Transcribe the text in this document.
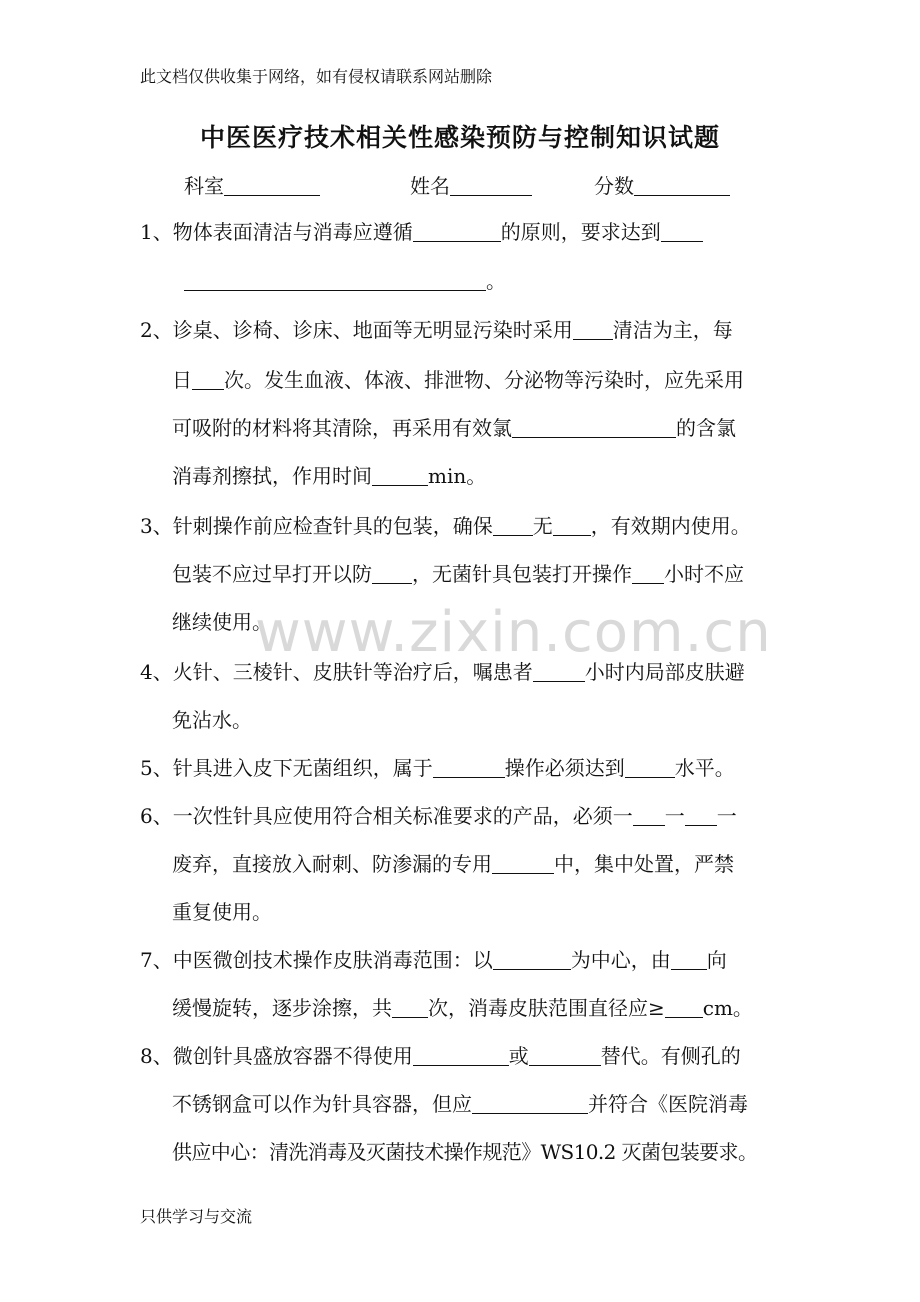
此文档仅供收集于网络，如有侵权请联系网站删除
中医医疗技术相关性感染预防与控制知识试题
科室	姓名	分数
www.zixin.com.cn
1、物体表面清洁与消毒应遵循	的原则，要求达到
。
2、诊桌、诊椅、诊床、地面等无明显污染时采用 清洁为主，每
日 次。发生血液、体液、排泄物、分泌物等污染时，应先采用
可吸附的材料将其清除，再采用有效氯	的含氯
消毒剂擦拭，作用时间	min。
3、针刺操作前应检查针具的包装，确保 无 ，有效期内使用。
包装不应过早打开以防 ，无菌针具包装打开操作 小时不应
继续使用。
4、火针、三棱针、皮肤针等治疗后，嘱患者	小时内局部皮肤避
免沾水。
5、针具进入皮下无菌组织，属于	操作必须达到	水平。
6、一次性针具应使用符合相关标准要求的产品，必须一 一 一
废弃，直接放入耐刺、防渗漏的专用	中，集中处置，严禁
重复使用。
7、中医微创技术操作皮肤消毒范围：以	为中心，由 向
缓慢旋转，逐步涂擦，共 次，消毒皮肤范围直径应≥ cm。
8、微创针具盛放容器不得使用	或	替代。有侧孔的
不锈钢盒可以作为针具容器，但应	并符合《医院消毒
供应中心：清洗消毒及灭菌技术操作规范》WS10.2 灭菌包装要求。
只供学习与交流
